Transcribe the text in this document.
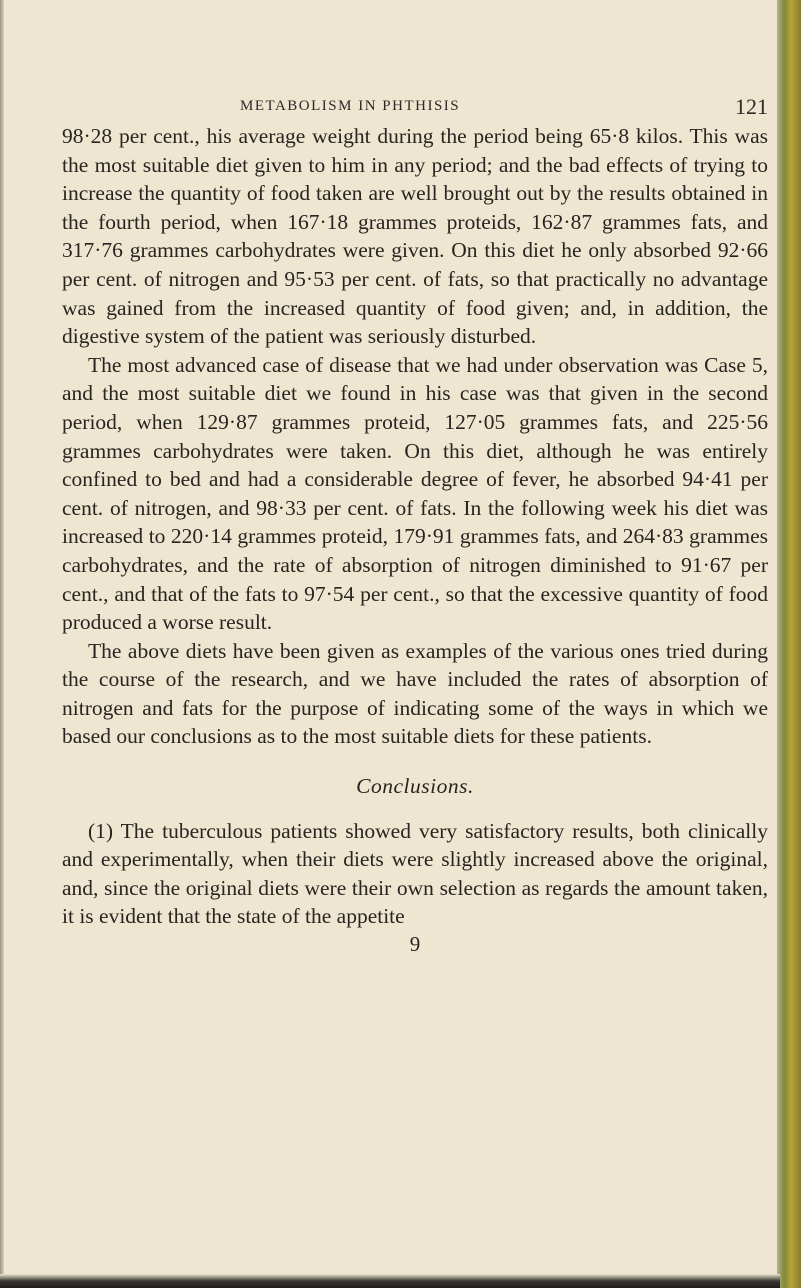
METABOLISM IN PHTHISIS	121

98·28 per cent., his average weight during the period being 65·8 kilos. This was the most suitable diet given to him in any period; and the bad effects of trying to increase the quantity of food taken are well brought out by the results obtained in the fourth period, when 167·18 grammes proteids, 162·87 grammes fats, and 317·76 grammes carbohydrates were given. On this diet he only absorbed 92·66 per cent. of nitrogen and 95·53 per cent. of fats, so that practically no advantage was gained from the increased quantity of food given; and, in addition, the digestive system of the patient was seriously disturbed.

The most advanced case of disease that we had under observation was Case 5, and the most suitable diet we found in his case was that given in the second period, when 129·87 grammes proteid, 127·05 grammes fats, and 225·56 grammes carbohydrates were taken. On this diet, although he was entirely confined to bed and had a considerable degree of fever, he absorbed 94·41 per cent. of nitrogen, and 98·33 per cent. of fats. In the following week his diet was increased to 220·14 grammes proteid, 179·91 grammes fats, and 264·83 grammes carbohydrates, and the rate of absorption of nitrogen diminished to 91·67 per cent., and that of the fats to 97·54 per cent., so that the excessive quantity of food produced a worse result.

The above diets have been given as examples of the various ones tried during the course of the research, and we have included the rates of absorption of nitrogen and fats for the purpose of indicating some of the ways in which we based our conclusions as to the most suitable diets for these patients.

Conclusions.

(1) The tuberculous patients showed very satisfactory results, both clinically and experimentally, when their diets were slightly increased above the original, and, since the original diets were their own selection as regards the amount taken, it is evident that the state of the appetite

9
